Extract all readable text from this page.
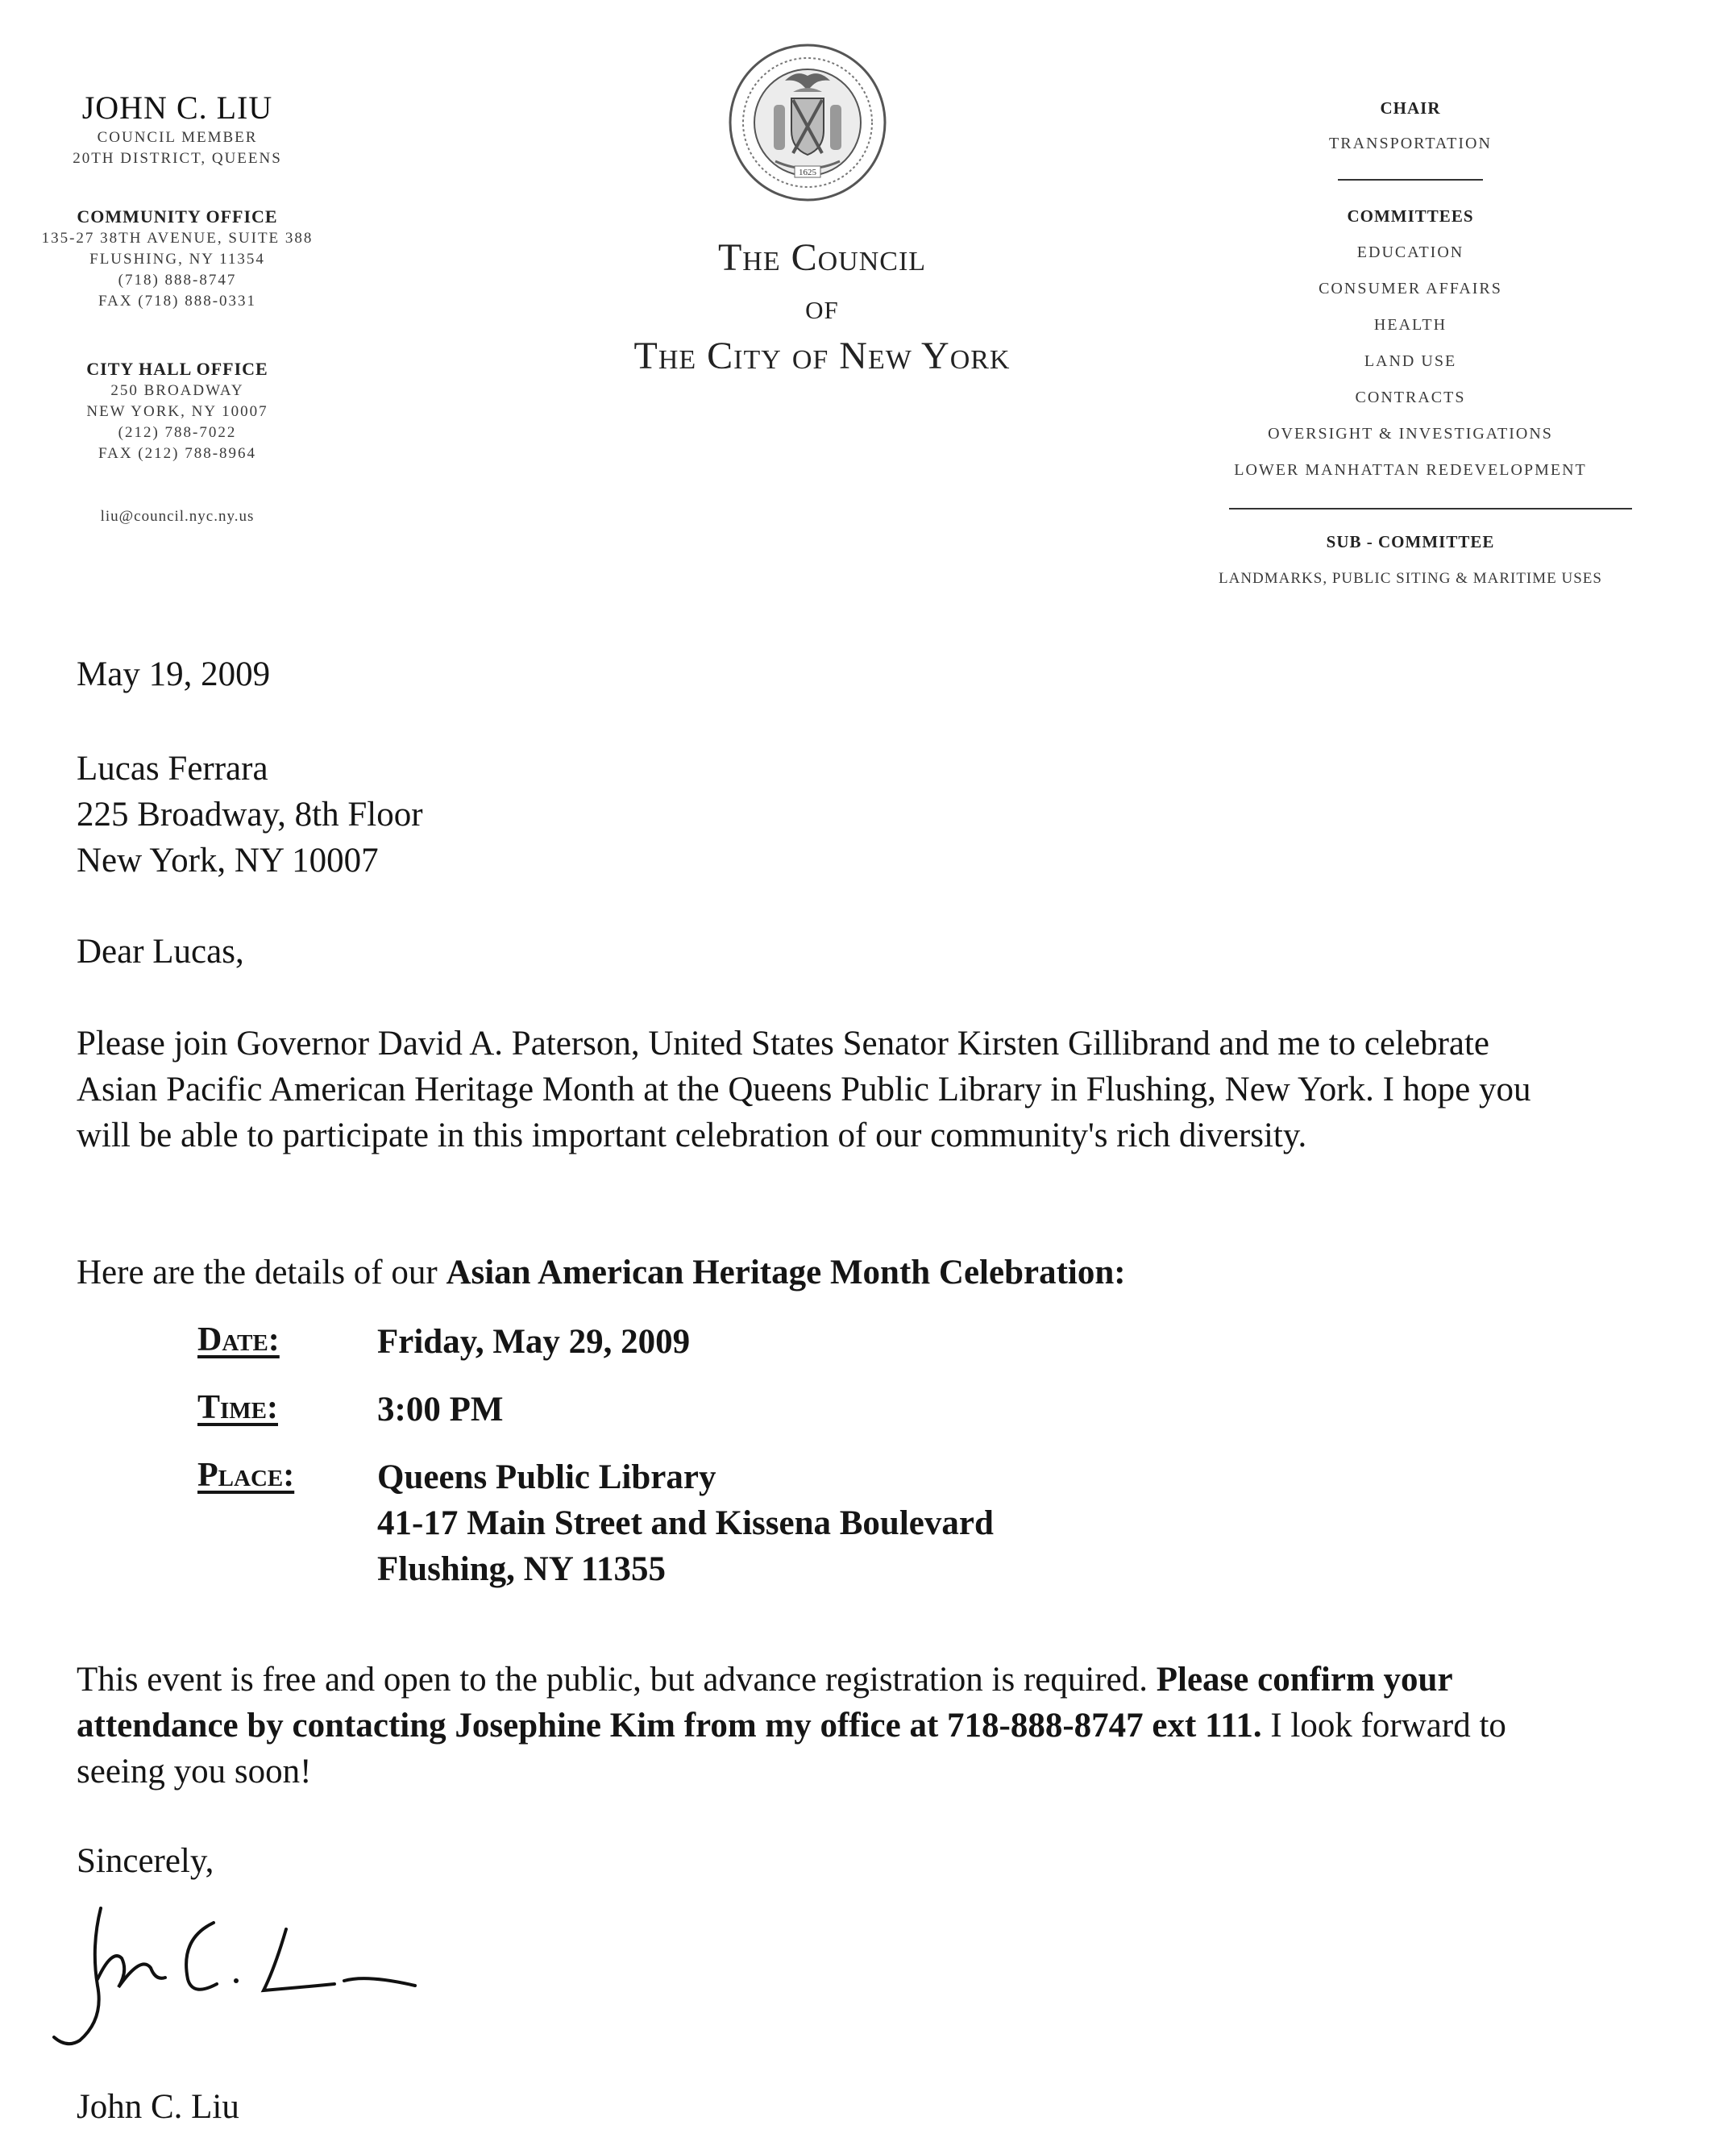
JOHN C. LIU
COUNCIL MEMBER
20TH DISTRICT, QUEENS
COMMUNITY OFFICE
135-27 38TH AVENUE, SUITE 388
FLUSHING, NY 11354
(718) 888-8747
FAX (718) 888-0331
CITY HALL OFFICE
250 BROADWAY
NEW YORK, NY 10007
(212) 788-7022
FAX (212) 788-8964
liu@council.nyc.ny.us
1625
The Council
of
The City of New York
CHAIR
TRANSPORTATION
COMMITTEES
EDUCATION
CONSUMER AFFAIRS
HEALTH
LAND USE
CONTRACTS
OVERSIGHT & INVESTIGATIONS
LOWER MANHATTAN REDEVELOPMENT
SUB - COMMITTEE
LANDMARKS, PUBLIC SITING & MARITIME USES
May 19, 2009
Lucas Ferrara
225 Broadway, 8th Floor
New York, NY 10007
Dear Lucas,
Please join Governor David A. Paterson, United States Senator Kirsten Gillibrand and me to celebrate Asian Pacific American Heritage Month at the Queens Public Library in Flushing, New York. I hope you will be able to participate in this important celebration of our community's rich diversity.
Here are the details of our Asian American Heritage Month Celebration:
Date:	Friday, May 29, 2009
Time:	3:00 PM
Place: Queens Public Library
41-17 Main Street and Kissena Boulevard
Flushing, NY 11355
This event is free and open to the public, but advance registration is required. Please confirm your attendance by contacting Josephine Kim from my office at 718-888-8747 ext 111. I look forward to seeing you soon!
Sincerely,
John C. Liu
